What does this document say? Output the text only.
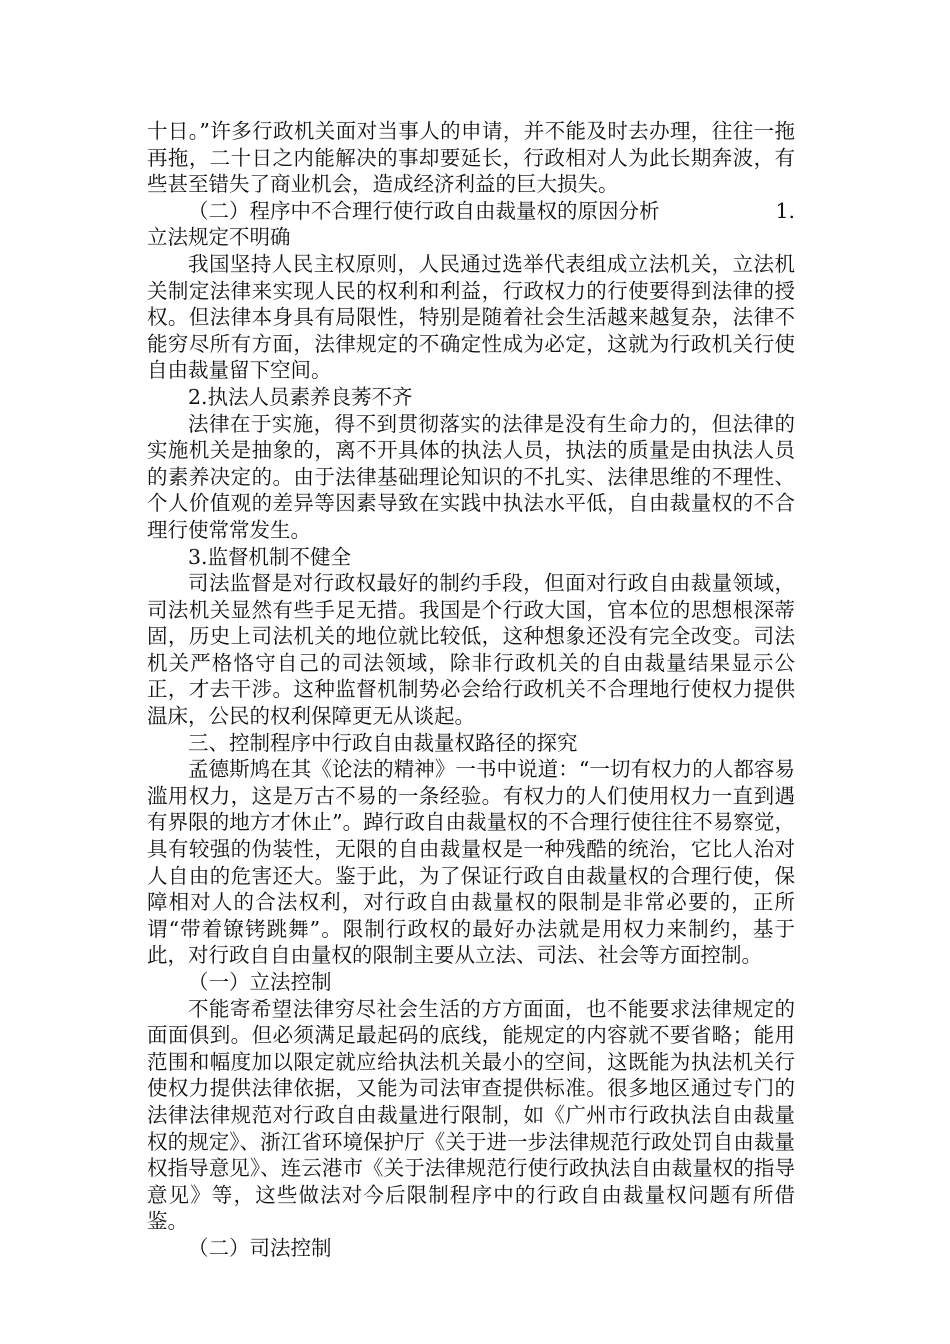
十日。”许多行政机关面对当事人的申请，并不能及时去办理，往往一拖再拖，二十日之内能解决的事却要延长，行政相对人为此长期奔波，有些甚至错失了商业机会，造成经济利益的巨大损失。

（二）程序中不合理行使行政自由裁量权的原因分析	1.

立法规定不明确

我国坚持人民主权原则，人民通过选举代表组成立法机关，立法机关制定法律来实现人民的权利和利益，行政权力的行使要得到法律的授权。但法律本身具有局限性，特别是随着社会生活越来越复杂，法律不能穷尽所有方面，法律规定的不确定性成为必定，这就为行政机关行使自由裁量留下空间。

2.执法人员素养良莠不齐

法律在于实施，得不到贯彻落实的法律是没有生命力的，但法律的实施机关是抽象的，离不开具体的执法人员，执法的质量是由执法人员的素养决定的。由于法律基础理论知识的不扎实、法律思维的不理性、个人价值观的差异等因素导致在实践中执法水平低，自由裁量权的不合理行使常常发生。

3.监督机制不健全

司法监督是对行政权最好的制约手段，但面对行政自由裁量领域，司法机关显然有些手足无措。我国是个行政大国，官本位的思想根深蒂固，历史上司法机关的地位就比较低，这种想象还没有完全改变。司法机关严格恪守自己的司法领域，除非行政机关的自由裁量结果显示公正，才去干涉。这种监督机制势必会给行政机关不合理地行使权力提供温床，公民的权利保障更无从谈起。

三、控制程序中行政自由裁量权路径的探究

孟德斯鸠在其《论法的精神》一书中说道：“一切有权力的人都容易滥用权力，这是万古不易的一条经验。有权力的人们使用权力一直到遇有界限的地方才休止”。踔行政自由裁量权的不合理行使往往不易察觉，具有较强的伪装性，无限的自由裁量权是一种残酷的统治，它比人治对人自由的危害还大。鉴于此，为了保证行政自由裁量权的合理行使，保障相对人的合法权利，对行政自由裁量权的限制是非常必要的，正所谓“带着镣铐跳舞”。限制行政权的最好办法就是用权力来制约，基于此，对行政自自由量权的限制主要从立法、司法、社会等方面控制。

（一）立法控制

不能寄希望法律穷尽社会生活的方方面面，也不能要求法律规定的面面俱到。但必须满足最起码的底线，能规定的内容就不要省略；能用范围和幅度加以限定就应给执法机关最小的空间，这既能为执法机关行使权力提供法律依据，又能为司法审查提供标准。很多地区通过专门的法律法律规范对行政自由裁量进行限制，如《广州市行政执法自由裁量权的规定》、浙江省环境保护厅《关于进一步法律规范行政处罚自由裁量权指导意见》、连云港市《关于法律规范行使行政执法自由裁量权的指导意见》等，这些做法对今后限制程序中的行政自由裁量权问题有所借鉴。

（二）司法控制
